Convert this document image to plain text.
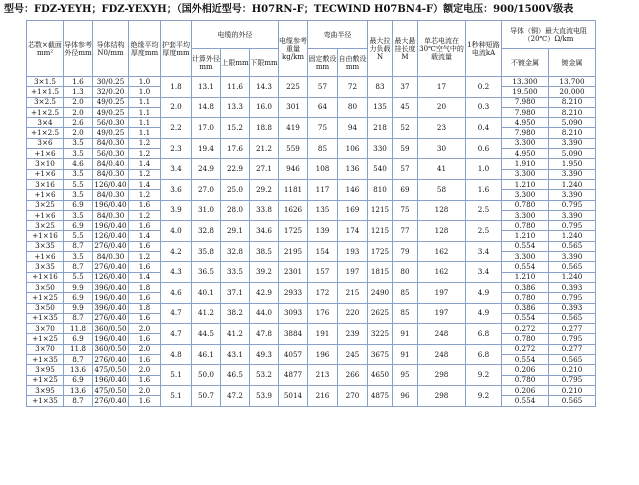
型号：FDZ-YEYH；FDZ-YEXYH；（国外相近型号：H07RN-F；TECWIND H07BN4-F）额定电压：900/1500V级表
芯数×截面mm²	导体参考外径mm	导体结构N0/mm	绝缘平均厚度mm	护套平均厚度mm	电缆的外径			电缆参考重量kg/km	弯曲半径		最大拉力负载N	最大悬挂长度M	单芯电流在30℃空气中的载流量	1秒种短路电流kA	导体（铜）最大直流电阻（20℃）Ω/km	
					计算外径mm	上限mm	下限mm		固定敷设mm	自由敷设mm					不镀金属	镀金属
3×1.5	1.6	30/0.25	1.0	1.8	13.1	11.6	14.3	225	57	72	83	37	17	0.2	13.300	13.700
+1×1.5	1.3	32/0.20	1.0												19.500	20.000
3×2.5	2.0	49/0.25	1.1	2.0	14.8	13.3	16.0	301	64	80	135	45	20	0.3	7.980	8.210
+1×2.5	2.0	49/0.25	1.1												7.980	8.210
3×4	2.6	56/0.30	1.1	2.2	17.0	15.2	18.8	419	75	94	218	52	23	0.4	4.950	5.090
+1×2.5	2.0	49/0.25	1.1												7.980	8.210
3×6	3.5	84/0.30	1.2	2.3	19.4	17.6	21.2	559	85	106	330	59	30	0.6	3.300	3.390
+1×6	3.5	56/0.30	1.2												4.950	5.090
3×10	4.6	84/0.40	1.4	3.4	24.9	22.9	27.1	946	108	136	540	57	41	1.0	1.910	1.950
+1×6	3.5	84/0.30	1.2												3.300	3.390
3×16	5.5	126/0.40	1.4	3.6	27.0	25.0	29.2	1181	117	146	810	69	58	1.6	1.210	1.240
+1×6	3.5	84/0.30	1.2												3.300	3.390
3×25	6.9	196/0.40	1.6	3.9	31.0	28.0	33.8	1626	135	169	1215	75	128	2.5	0.780	0.795
+1×6	3.5	84/0.30	1.2												3.300	3.390
3×25	6.9	196/0.40	1.6	4.0	32.8	29.1	34.6	1725	139	174	1215	77	128	2.5	0.780	0.795
+1×16	5.5	126/0.40	1.4												1.210	1.240
3×35	8.7	276/0.40	1.6	4.2	35.8	32.8	38.5	2195	154	193	1725	79	162	3.4	0.554	0.565
+1×6	3.5	84/0.30	1.2												3.300	3.390
3×35	8.7	276/0.40	1.6	4.3	36.5	33.5	39.2	2301	157	197	1815	80	162	3.4	0.554	0.565
+1×16	5.5	126/0.40	1.4												1.210	1.240
3×50	9.9	396/0.40	1.8	4.6	40.1	37.1	42.9	2933	172	215	2490	85	197	4.9	0.386	0.393
+1×25	6.9	196/0.40	1.6												0.780	0.795
3×50	9.9	396/0.40	1.8	4.7	41.2	38.2	44.0	3093	176	220	2625	85	197	4.9	0.386	0.393
+1×35	8.7	276/0.40	1.6												0.554	0.565
3×70	11.8	360/0.50	2.0	4.7	44.5	41.2	47.8	3884	191	239	3225	91	248	6.8	0.272	0.277
+1×25	6.9	196/0.40	1.6												0.780	0.795
3×70	11.8	360/0.50	2.0	4.8	46.1	43.1	49.3	4057	196	245	3675	91	248	6.8	0.272	0.277
+1×35	8.7	276/0.40	1.6												0.554	0.565
3×95	13.6	475/0.50	2.0	5.1	50.0	46.5	53.2	4877	213	266	4650	95	298	9.2	0.206	0.210
+1×25	6.9	196/0.40	1.6												0.780	0.795
3×95	13.6	475/0.50	2.0	5.1	50.7	47.2	53.9	5014	216	270	4875	96	298	9.2	0.206	0.210
+1×35	8.7	276/0.40	1.6												0.554	0.565
